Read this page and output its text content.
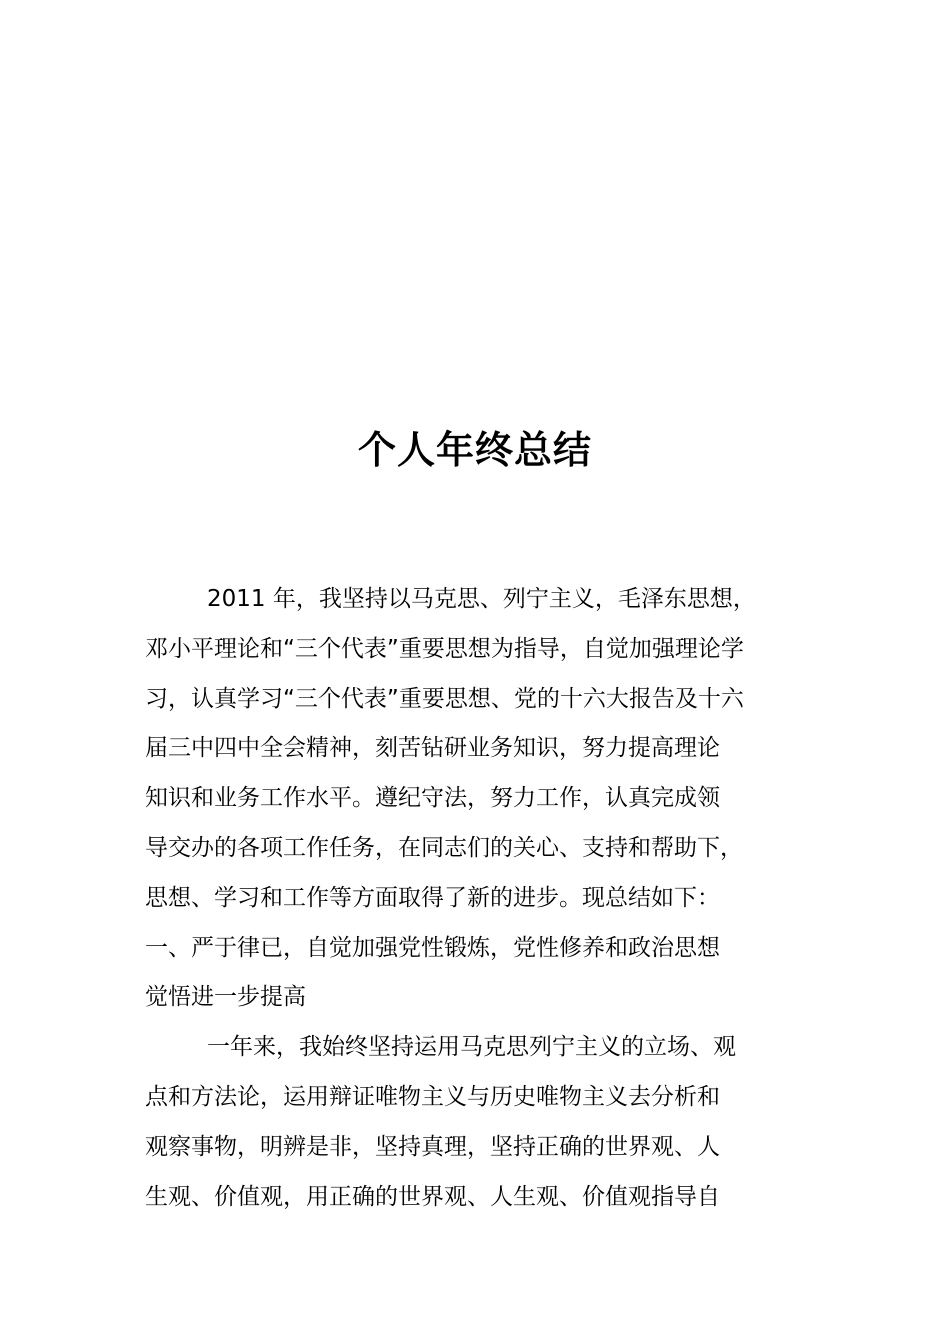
个人年终总结
2011 年，我坚持以马克思、列宁主义，毛泽东思想，
邓小平理论和“三个代表”重要思想为指导，自觉加强理论学
习，认真学习“三个代表”重要思想、党的十六大报告及十六
届三中四中全会精神，刻苦钻研业务知识，努力提高理论
知识和业务工作水平。遵纪守法，努力工作，认真完成领
导交办的各项工作任务，在同志们的关心、支持和帮助下，
思想、学习和工作等方面取得了新的进步。现总结如下：
一、严于律已，自觉加强党性锻炼，党性修养和政治思想
觉悟进一步提高
一年来，我始终坚持运用马克思列宁主义的立场、观
点和方法论，运用辩证唯物主义与历史唯物主义去分析和
观察事物，明辨是非，坚持真理，坚持正确的世界观、人
生观、价值观，用正确的世界观、人生观、价值观指导自
